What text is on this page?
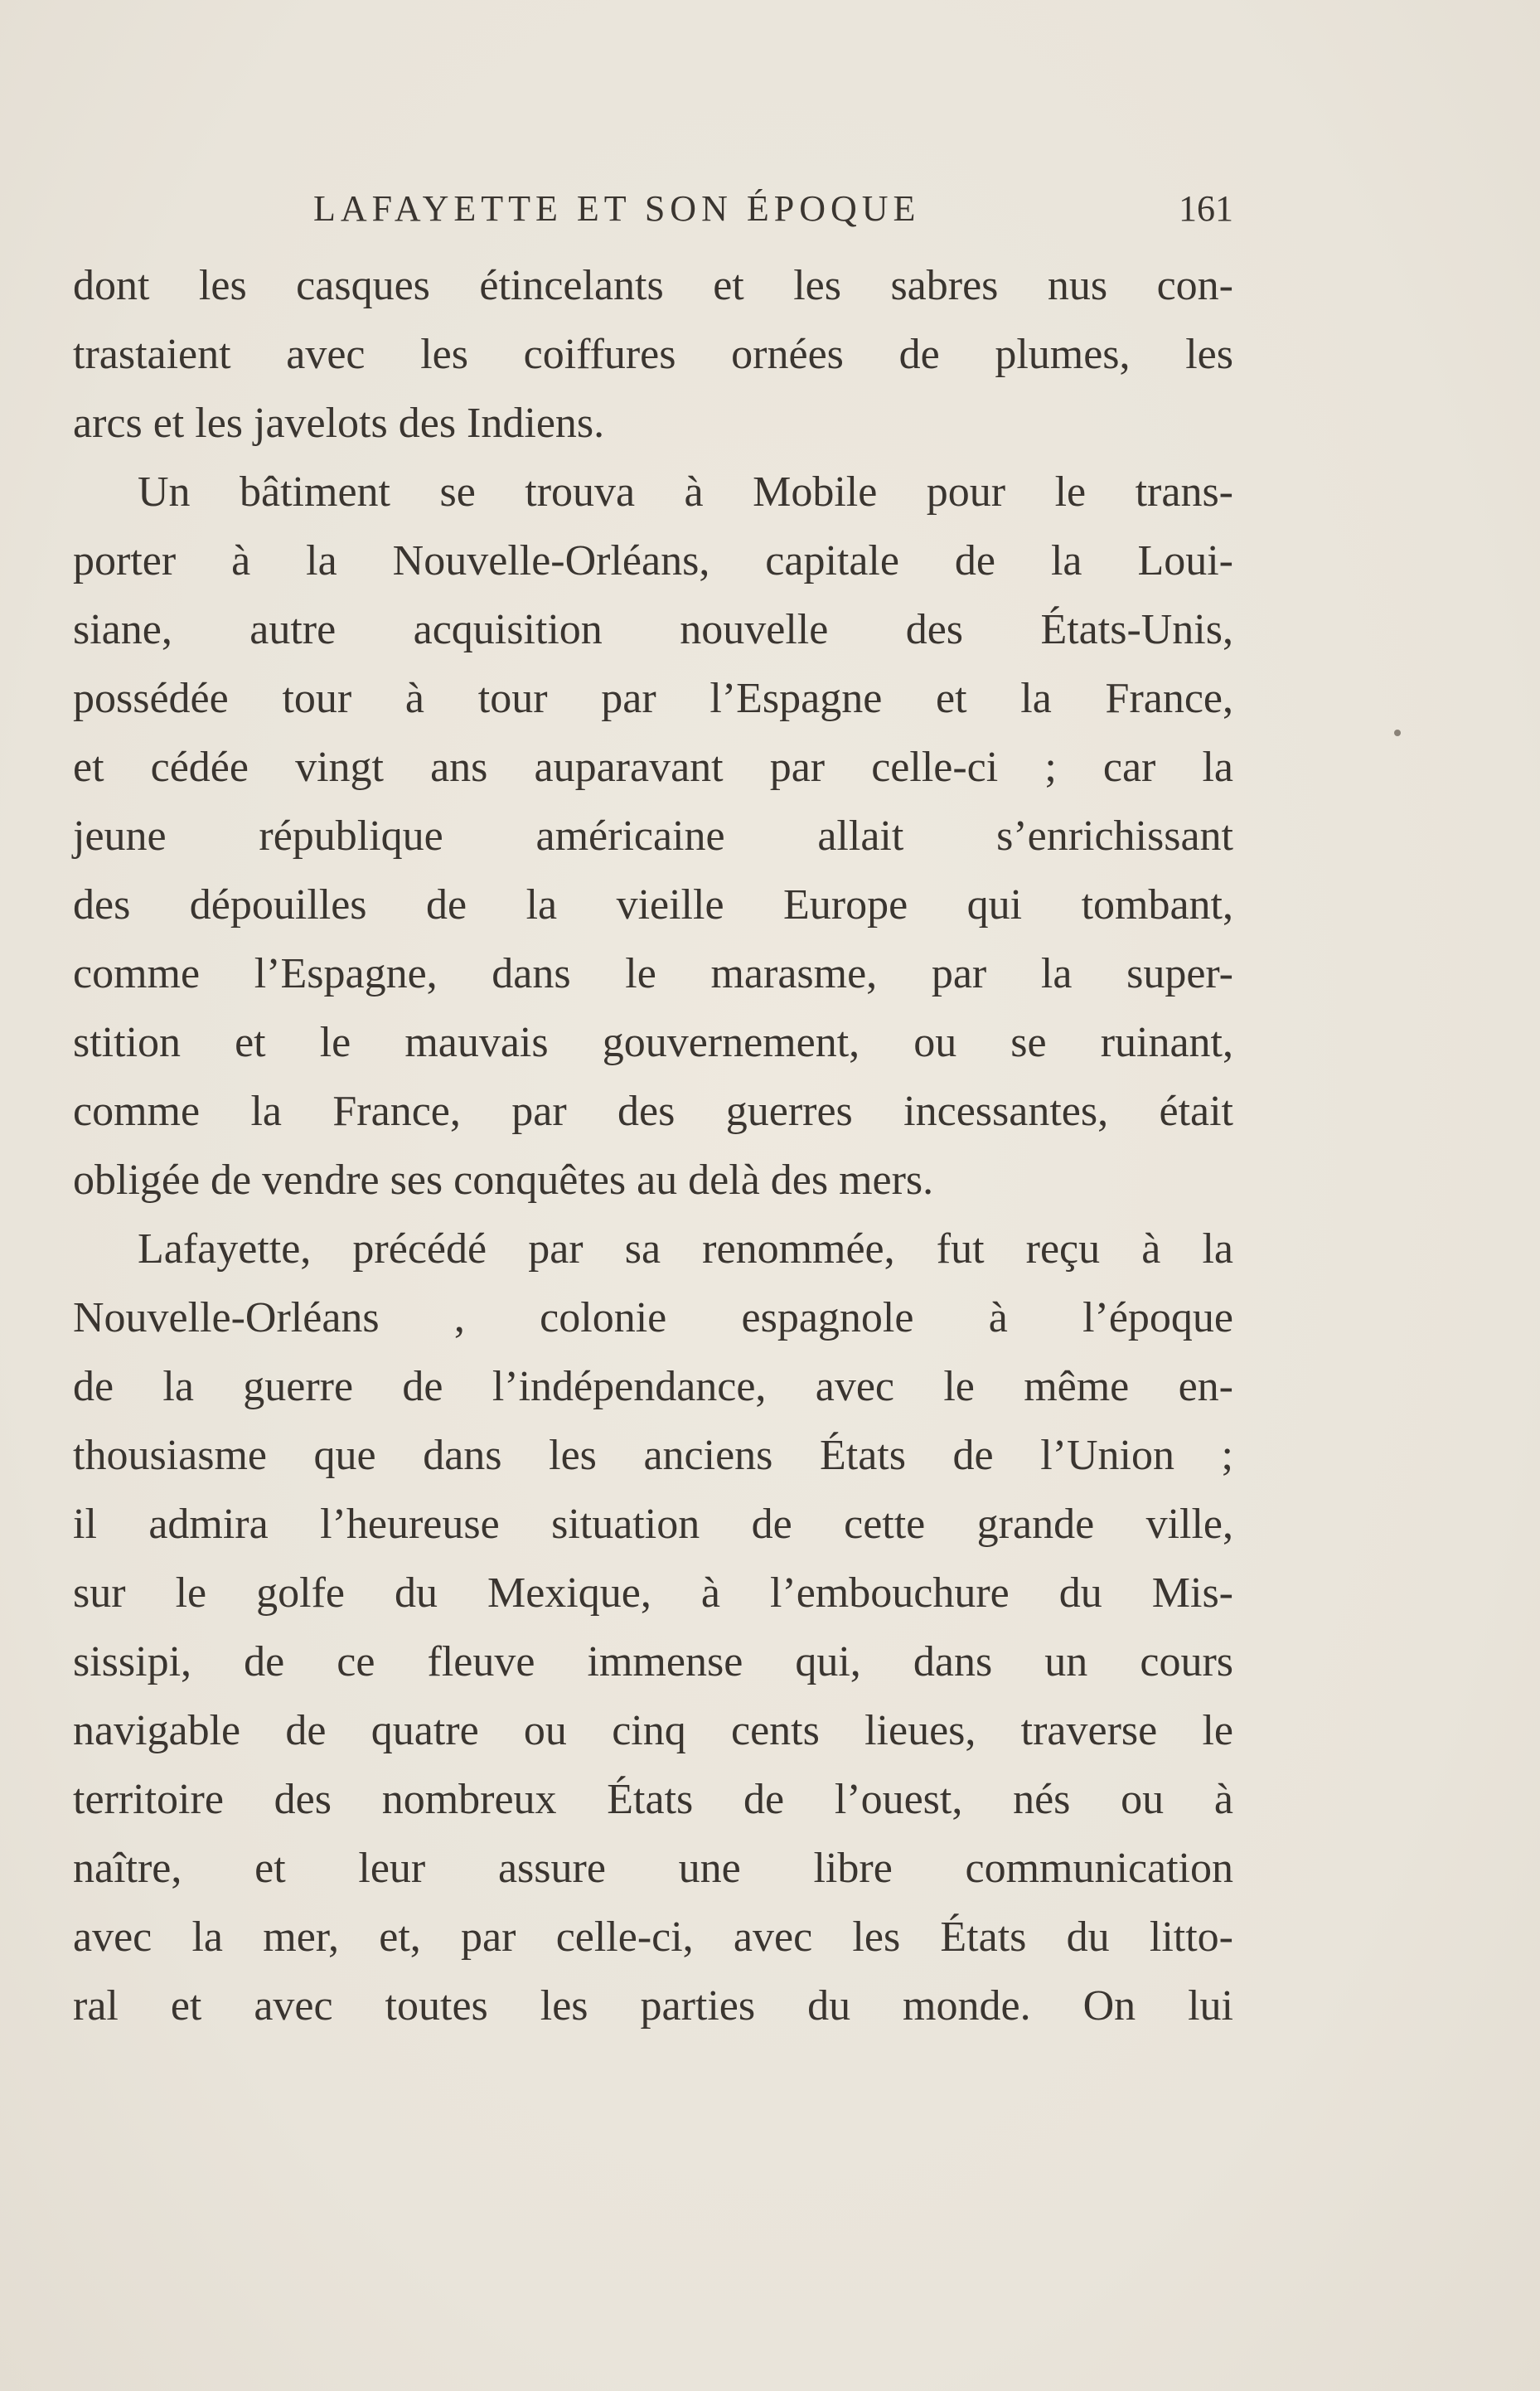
LAFAYETTE ET SON ÉPOQUE	161
dont les casques étincelants et les sabres nus con-
trastaient avec les coiffures ornées de plumes, les
arcs et les javelots des Indiens.
Un bâtiment se trouva à Mobile pour le trans-
porter à la Nouvelle-Orléans, capitale de la Loui-
siane, autre acquisition nouvelle des États-Unis,
possédée tour à tour par l’Espagne et la France,
et cédée vingt ans auparavant par celle-ci ; car la
jeune république américaine allait s’enrichissant
des dépouilles de la vieille Europe qui tombant,
comme l’Espagne, dans le marasme, par la super-
stition et le mauvais gouvernement, ou se ruinant,
comme la France, par des guerres incessantes, était
obligée de vendre ses conquêtes au delà des mers.
Lafayette, précédé par sa renommée, fut reçu à la
Nouvelle-Orléans , colonie espagnole à l’époque
de la guerre de l’indépendance, avec le même en-
thousiasme que dans les anciens États de l’Union ;
il admira l’heureuse situation de cette grande ville,
sur le golfe du Mexique, à l’embouchure du Mis-
sissipi, de ce fleuve immense qui, dans un cours
navigable de quatre ou cinq cents lieues, traverse le
territoire des nombreux États de l’ouest, nés ou à
naître, et leur assure une libre communication
avec la mer, et, par celle-ci, avec les États du litto-
ral et avec toutes les parties du monde. On lui
